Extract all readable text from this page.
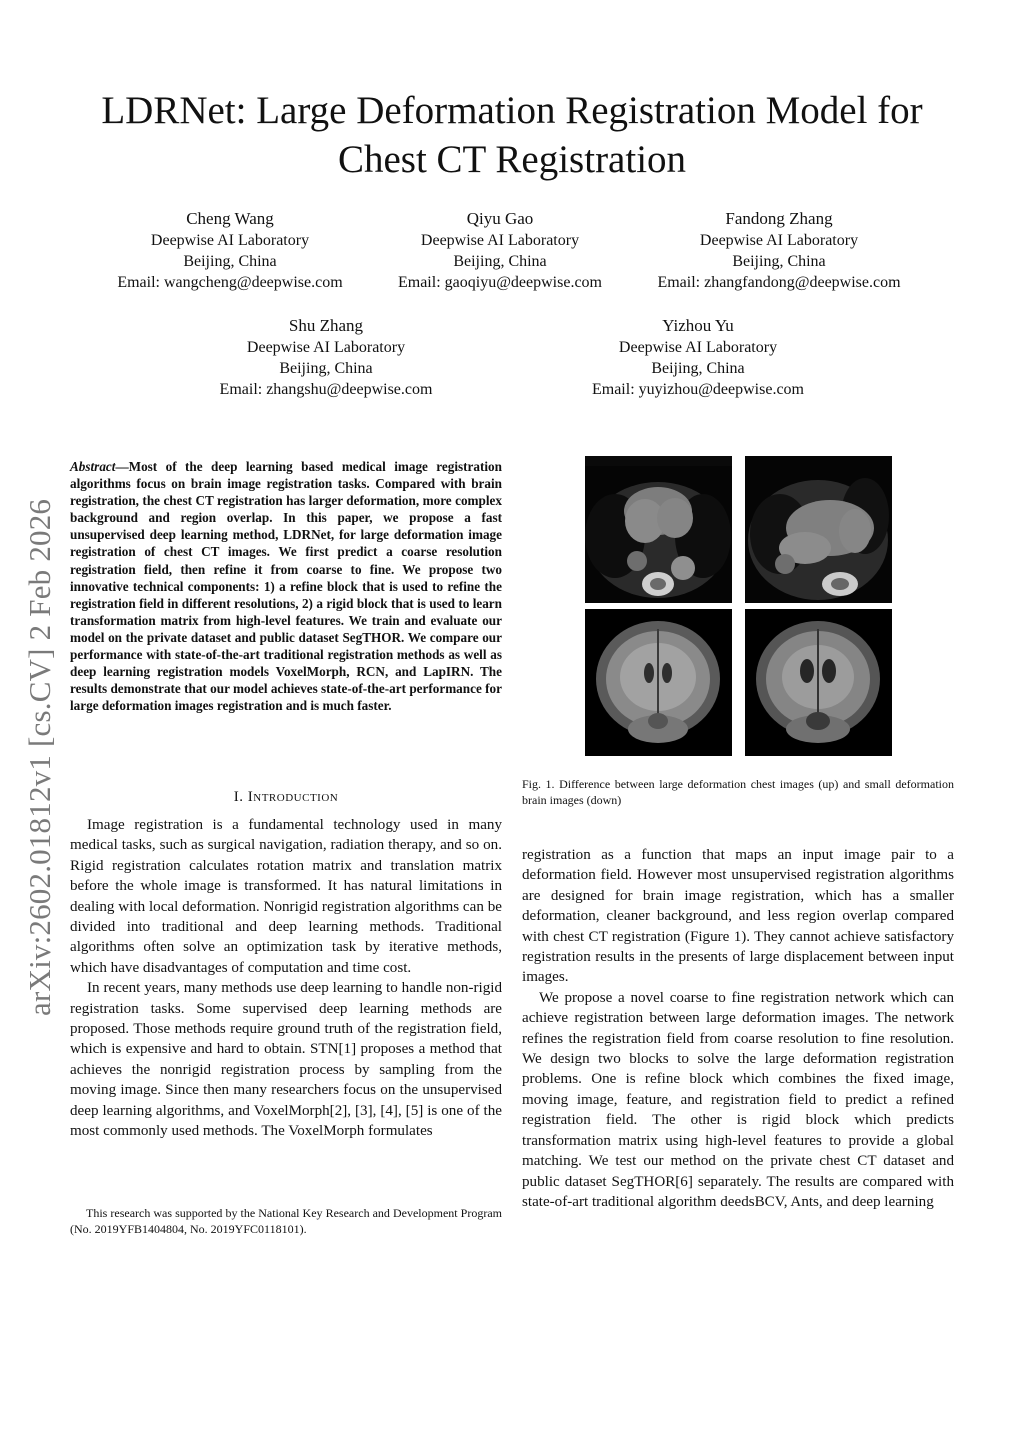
LDRNet: Large Deformation Registration Model for Chest CT Registration
Cheng Wang
Deepwise AI Laboratory
Beijing, China
Email: wangcheng@deepwise.com
Qiyu Gao
Deepwise AI Laboratory
Beijing, China
Email: gaoqiyu@deepwise.com
Fandong Zhang
Deepwise AI Laboratory
Beijing, China
Email: zhangfandong@deepwise.com
Shu Zhang
Deepwise AI Laboratory
Beijing, China
Email: zhangshu@deepwise.com
Yizhou Yu
Deepwise AI Laboratory
Beijing, China
Email: yuyizhou@deepwise.com
arXiv:2602.01812v1 [cs.CV] 2 Feb 2026
Abstract—Most of the deep learning based medical image registration algorithms focus on brain image registration tasks. Compared with brain registration, the chest CT registration has larger deformation, more complex background and region overlap. In this paper, we propose a fast unsupervised deep learning method, LDRNet, for large deformation image registration of chest CT images. We first predict a coarse resolution registration field, then refine it from coarse to fine. We propose two innovative technical components: 1) a refine block that is used to refine the registration field in different resolutions, 2) a rigid block that is used to learn transformation matrix from high-level features. We train and evaluate our model on the private dataset and public dataset SegTHOR. We compare our performance with state-of-the-art traditional registration methods as well as deep learning registration models VoxelMorph, RCN, and LapIRN. The results demonstrate that our model achieves state-of-the-art performance for large deformation images registration and is much faster.
I. Introduction

Image registration is a fundamental technology used in many medical tasks, such as surgical navigation, radiation therapy, and so on. Rigid registration calculates rotation matrix and translation matrix before the whole image is transformed. It has natural limitations in dealing with local deformation. Nonrigid registration algorithms can be divided into traditional and deep learning methods. Traditional algorithms often solve an optimization task by iterative methods, which have disadvantages of computation and time cost.

In recent years, many methods use deep learning to handle non-rigid registration tasks. Some supervised deep learning methods are proposed. Those methods require ground truth of the registration field, which is expensive and hard to obtain. STN[1] proposes a method that achieves the nonrigid registration process by sampling from the moving image. Since then many researchers focus on the unsupervised deep learning algorithms, and VoxelMorph[2], [3], [4], [5] is one of the most commonly used methods. The VoxelMorph formulates

This research was supported by the National Key Research and Development Program (No. 2019YFB1404804, No. 2019YFC0118101).
Fig. 1. Difference between large deformation chest images (up) and small deformation brain images (down)

registration as a function that maps an input image pair to a deformation field. However most unsupervised registration algorithms are designed for brain image registration, which has a smaller deformation, cleaner background, and less region overlap compared with chest CT registration (Figure 1). They cannot achieve satisfactory registration results in the presents of large displacement between input images.

We propose a novel coarse to fine registration network which can achieve registration between large deformation images. The network refines the registration field from coarse resolution to fine resolution. We design two blocks to solve the large deformation registration problems. One is refine block which combines the fixed image, moving image, feature, and registration field to predict a refined registration field. The other is rigid block which predicts transformation matrix using high-level features to provide a global matching. We test our method on the private chest CT dataset and public dataset SegTHOR[6] separately. The results are compared with state-of-art traditional algorithm deedsBCV, Ants, and deep learning
